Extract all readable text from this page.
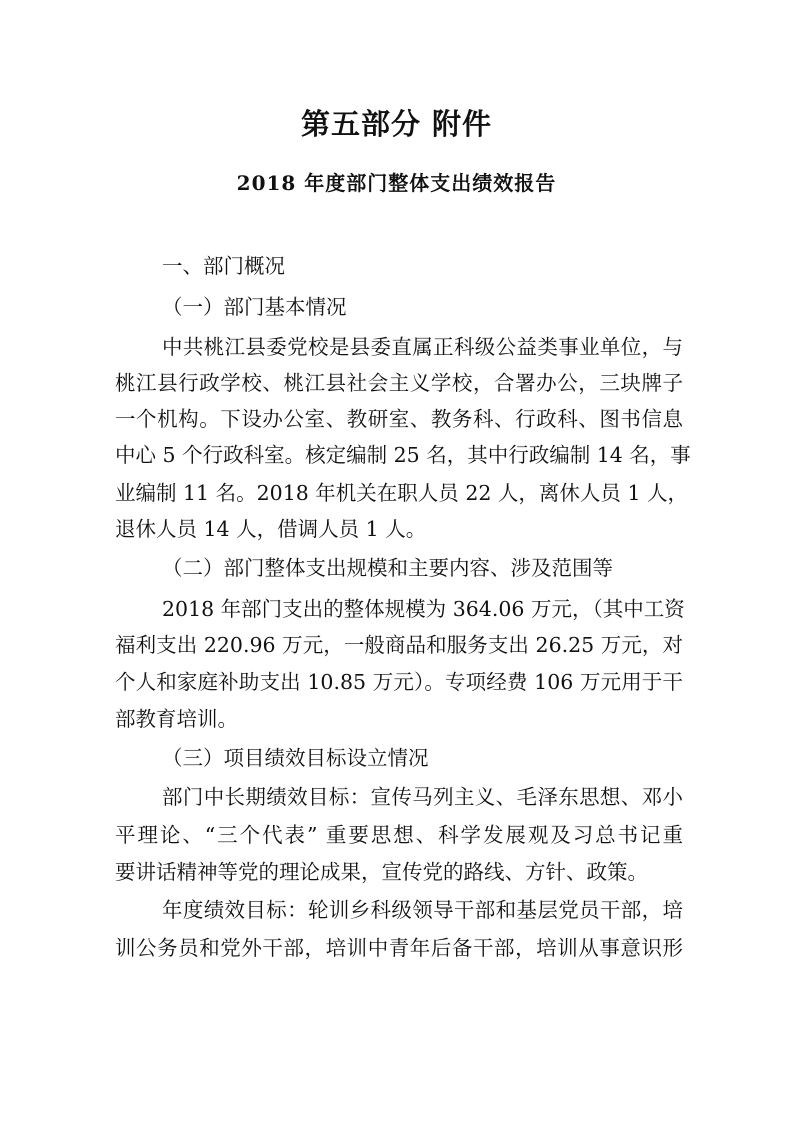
第五部分 附件
2018 年度部门整体支出绩效报告

一、部门概况

（一）部门基本情况

中共桃江县委党校是县委直属正科级公益类事业单位，与

桃江县行政学校、桃江县社会主义学校，合署办公，三块牌子

一个机构。下设办公室、教研室、教务科、行政科、图书信息

中心 5 个行政科室。核定编制 25 名，其中行政编制 14 名，事

业编制 11 名。2018 年机关在职人员 22 人，离休人员 1 人，

退休人员 14 人，借调人员 1 人。

（二）部门整体支出规模和主要内容、涉及范围等

2018 年部门支出的整体规模为 364.06 万元，（其中工资

福利支出 220.96 万元，一般商品和服务支出 26.25 万元，对

个人和家庭补助支出 10.85 万元）。专项经费 106 万元用于干

部教育培训。

（三）项目绩效目标设立情况

部门中长期绩效目标：宣传马列主义、毛泽东思想、邓小

平理论、“三个代表” 重要思想、科学发展观及习总书记重

要讲话精神等党的理论成果，宣传党的路线、方针、政策。

年度绩效目标：轮训乡科级领导干部和基层党员干部，培

训公务员和党外干部，培训中青年后备干部，培训从事意识形
